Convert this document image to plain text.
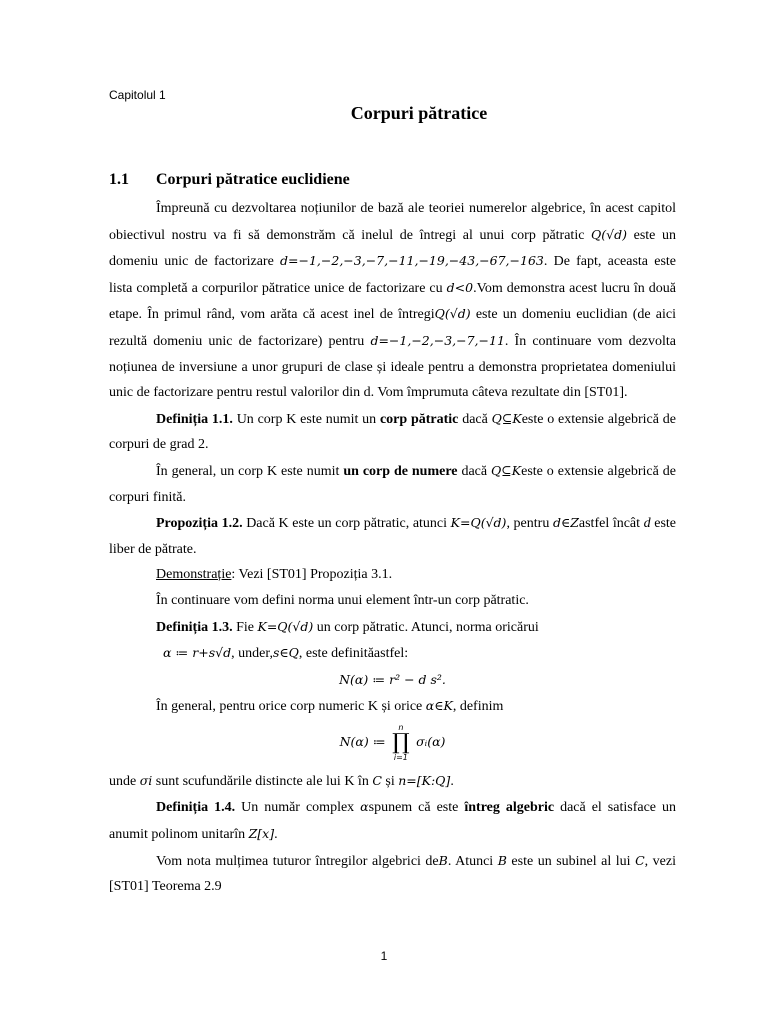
Capitolul 1
Corpuri pătratice
1.1 Corpuri pătratice euclidiene

Împreună cu dezvoltarea noțiunilor de bază ale teoriei numerelor algebrice, în acest capitol obiectivul nostru va fi să demonstrăm că inelul de întregi al unui corp pătratic Q(√d) este un domeniu unic de factorizare d=−1,−2,−3,−7,−11,−19,−43,−67,−163. De fapt, aceasta este lista completă a corpurilor pătratice unice de factorizare cu d<0.Vom demonstra acest lucru în două etape. În primul rând, vom arăta că acest inel de întregiQ(√d) este un domeniu euclidian (de aici rezultă domeniu unic de factorizare) pentru d=−1,−2,−3,−7,−11. În continuare vom dezvolta noțiunea de inversiune a unor grupuri de clase și ideale pentru a demonstra proprietatea domeniului unic de factorizare pentru restul valorilor din d. Vom împrumuta câteva rezultate din [ST01].

Definiția 1.1. Un corp K este numit un corp pătratic dacă Q⊆Keste o extensie algebrică de corpuri de grad 2.

În general, un corp K este numit un corp de numere dacă Q⊆Keste o extensie algebrică de corpuri finită.

Propoziția 1.2. Dacă K este un corp pătratic, atunci K=Q(√d), pentru d∈Zastfel încât d este liber de pătrate.

Demonstrație: Vezi [ST01] Propoziția 3.1.

În continuare vom defini norma unui element într-un corp pătratic.

Definiția 1.3. Fie K=Q(√d) un corp pătratic. Atunci, norma oricărui
α ≔ r+s√d, under,s∈Q, este definităastfel:

N(α) ≔ r² − d s².

În general, pentru orice corp numeric K și orice α∈K, definim

N(α) ≔
n
∏
i=1
σᵢ(α)

unde σi sunt scufundările distincte ale lui K în C și n=[K:Q].

Definiția 1.4. Un număr complex αspunem că este întreg algebric dacă el satisface un anumit polinom unitarîn Z[x].

Vom nota mulțimea tuturor întregilor algebrici deB. Atunci B este un subinel al lui C, vezi [ST01] Teorema 2.9

1
